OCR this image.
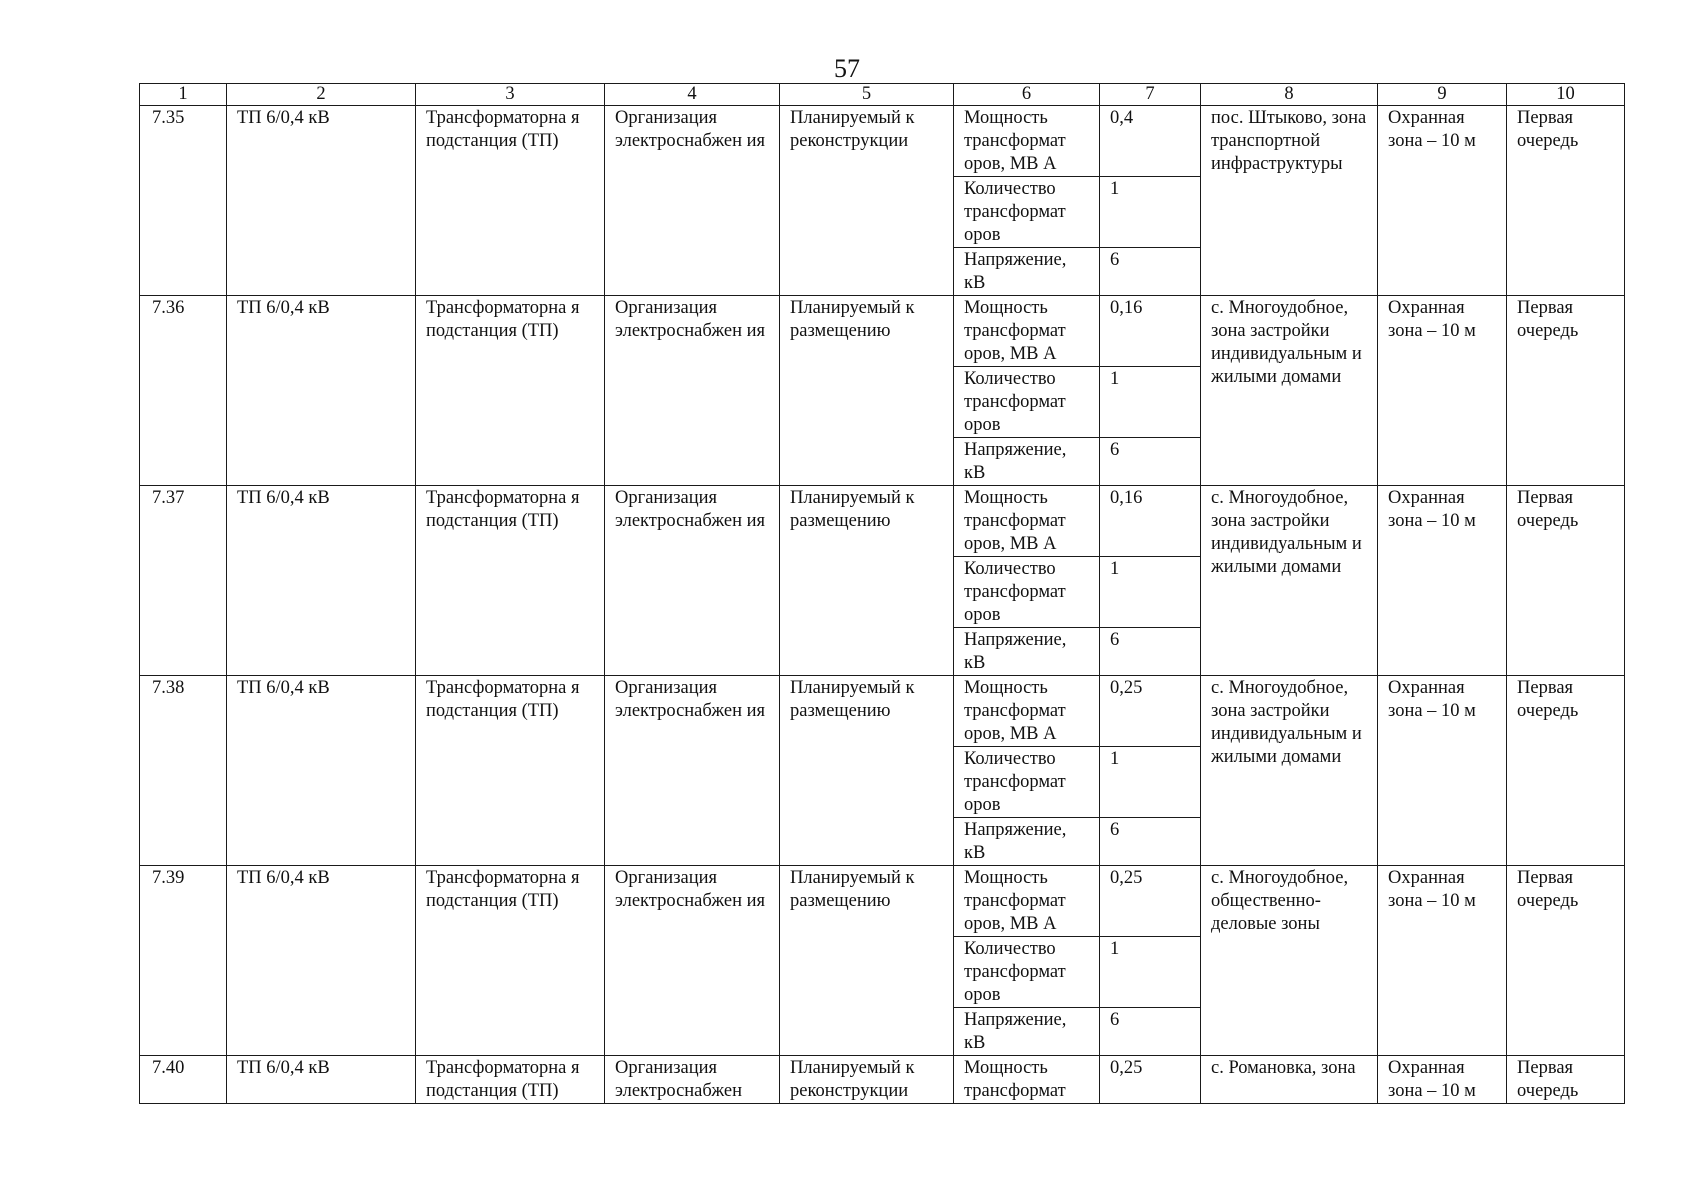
57
1	2	3	4	5	6	7	8	9	10
7.35	ТП 6/0,4 кВ	Трансформаторна я подстанция (ТП)	Организация электроснабжен ия	Планируемый к реконструкции	Мощность трансформат оров, МВ А	0,4	пос. Штыково, зона транспортной инфраструктуры	Охранная зона – 10 м	Первая очередь
					Количество трансформат оров	1			
					Напряжение, кВ	6			
7.36	ТП 6/0,4 кВ	Трансформаторна я подстанция (ТП)	Организация электроснабжен ия	Планируемый к размещению	Мощность трансформат оров, МВ А	0,16	с. Многоудобное, зона застройки индивидуальным и жилыми домами	Охранная зона – 10 м	Первая очередь
					Количество трансформат оров	1			
					Напряжение, кВ	6			
7.37	ТП 6/0,4 кВ	Трансформаторна я подстанция (ТП)	Организация электроснабжен ия	Планируемый к размещению	Мощность трансформат оров, МВ А	0,16	с. Многоудобное, зона застройки индивидуальным и жилыми домами	Охранная зона – 10 м	Первая очередь
					Количество трансформат оров	1			
					Напряжение, кВ	6			
7.38	ТП 6/0,4 кВ	Трансформаторна я подстанция (ТП)	Организация электроснабжен ия	Планируемый к размещению	Мощность трансформат оров, МВ А	0,25	с. Многоудобное, зона застройки индивидуальным и жилыми домами	Охранная зона – 10 м	Первая очередь
					Количество трансформат оров	1			
					Напряжение, кВ	6			
7.39	ТП 6/0,4 кВ	Трансформаторна я подстанция (ТП)	Организация электроснабжен ия	Планируемый к размещению	Мощность трансформат оров, МВ А	0,25	с. Многоудобное, общественно-деловые зоны	Охранная зона – 10 м	Первая очередь
					Количество трансформат оров	1			
					Напряжение, кВ	6			
7.40	ТП 6/0,4 кВ	Трансформаторна я подстанция (ТП)	Организация электроснабжен	Планируемый к реконструкции	Мощность трансформат	0,25	с. Романовка, зона	Охранная зона – 10 м	Первая очередь
